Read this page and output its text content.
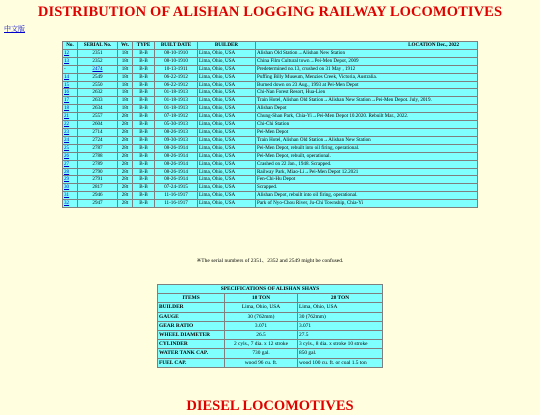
DISTRIBUTION OF ALISHAN LOGGING RAILWAY LOCOMOTIVES
中文版
No.	SERIAL No.	Wt.	TYPE	BUILT DATE	BUILDER	LOCATION Dec., 2022
12	2351	18t	B-B	08-10-1910	Lima, Ohio, USA	Alishan Old Station→Alishan New Station
13	2352	18t	B-B	08-10-1910	Lima, Ohio, USA	China Film Cultural town→Pei-Men Depot, 2009
-	2474	18t	B-B	10-13-1911	Lima, Ohio, USA	Predetermined no.13, crushed on 31 May , 1912
14	2549	18t	B-B	06-22-1912	Lima, Ohio, USA	Puffing Billy Museum, Menzies Creek, Victoria, Australia.
15	2550	18t	B-B	06-22-1912	Lima, Ohio, USA	Burned down on 23 Aug., 1993 at Pei-Men Depot
16	2632	18t	B-B	01-18-1913	Lima, Ohio, USA	Chi-Nan Forest Resort, Hua-Lien
17	2633	18t	B-B	01-18-1913	Lima, Ohio, USA	Train Hotel, Alishan Old Station→Alishan New Station→Pei-Men Depot. July, 2019.
18	2634	18t	B-B	01-18-1913	Lima, Ohio, USA	Alishan Depot
21	2557	28t	B-B	07-18-1912	Lima, Ohio, USA	Chung-Shan Park, Chia-Yi→Pei-Men Depot 10.2020. Rebuilt Mar., 2022.
22	2604	28t	B-B	05-30-1913	Lima, Ohio, USA	Chi-Chi Station
23	2714	28t	B-B	08-26-1913	Lima, Ohio, USA	Pei-Men Depot
24	2724	28t	B-B	09-30-1913	Lima, Ohio, USA	Train Hotel, Alishan Old Station→Alishan New Station
25	2787	28t	B-B	08-26-1914	Lima, Ohio, USA	Pei-Men Depot, rebuilt into oil firing, operational.
26	2788	28t	B-B	08-26-1914	Lima, Ohio, USA	Pei-Men Depot, rebuilt, operational.
27	2789	28t	B-B	08-26-1914	Lima, Ohio, USA	Crashed on 22 Jan., 1948. Scrapped.
28	2790	28t	B-B	08-26-1914	Lima, Ohio, USA	Railway Park, Miao-Li→Pei-Men Depot 12.2021
29	2791	28t	B-B	08-26-1914	Lima, Ohio, USA	Fen-Chi-Hu Depot
30	2817	28t	B-B	07-24-1915	Lima, Ohio, USA	Scrapped.
31	2946	28t	B-B	11-16-1917	Lima, Ohio, USA	Alishan Depot, rebuilt into oil firing, operational.
32	2947	28t	B-B	11-16-1917	Lima, Ohio, USA	Park of Nyo-Chou River, Ju-Chi Township, Chia-Yi
※The serial numbers of 2351、2352 and 2549 might be confused.
SPECIFICATIONS OF ALISHAN SHAYS		
ITEMS	18 TON	28 TON
BUILDER	Lima, Ohio, USA	Lima, Ohio, USA
GAUGE	30 (762mm)	30 (762mm)
GEAR RATIO	3.071	3.071
WHEEL DIAMETER	26.5	27.5
CYLINDER	2 cyls., 7 dia. x 12 stroke	3 cyls., 8 dia. x stroke 10 stroke
WATER TANK CAP.	730 gal.	850 gal.
FUEL CAP.	wood 96 cu. ft.	wood 100 cu. ft. or coal 1.5 ton
DIESEL LOCOMOTIVES
